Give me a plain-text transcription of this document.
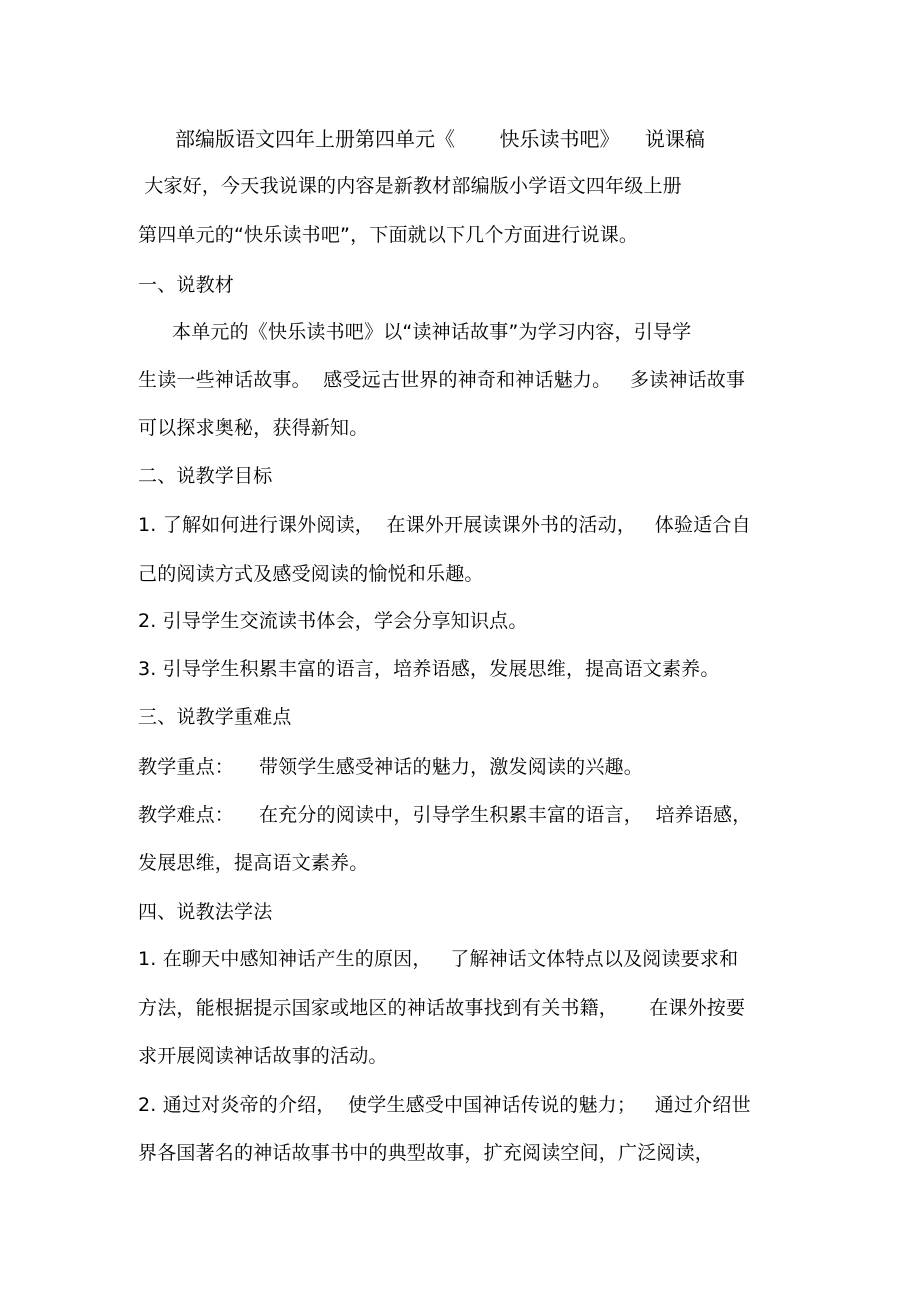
部编版语文四年上册第四单元《       快乐读书吧》    说课稿
大家好，今天我说课的内容是新教材部编版小学语文四年级上册
第四单元的“快乐读书吧”，下面就以下几个方面进行说课。
一、说教材
本单元的《快乐读书吧》以“读神话故事”为学习内容，引导学
生读一些神话故事。  感受远古世界的神奇和神话魅力。   多读神话故事
可以探求奥秘，获得新知。
二、说教学目标
1. 了解如何进行课外阅读，  在课外开展读课外书的活动，   体验适合自
己的阅读方式及感受阅读的愉悦和乐趣。
2. 引导学生交流读书体会，学会分享知识点。
3. 引导学生积累丰富的语言，培养语感，发展思维，提高语文素养。
三、说教学重难点
教学重点：    带领学生感受神话的魅力，激发阅读的兴趣。
教学难点：    在充分的阅读中，引导学生积累丰富的语言，  培养语感，
发展思维，提高语文素养。
四、说教法学法
1. 在聊天中感知神话产生的原因，   了解神话文体特点以及阅读要求和
方法，能根据提示国家或地区的神话故事找到有关书籍，     在课外按要
求开展阅读神话故事的活动。
2. 通过对炎帝的介绍，  使学生感受中国神话传说的魅力；   通过介绍世
界各国著名的神话故事书中的典型故事，扩充阅读空间，广泛阅读，
